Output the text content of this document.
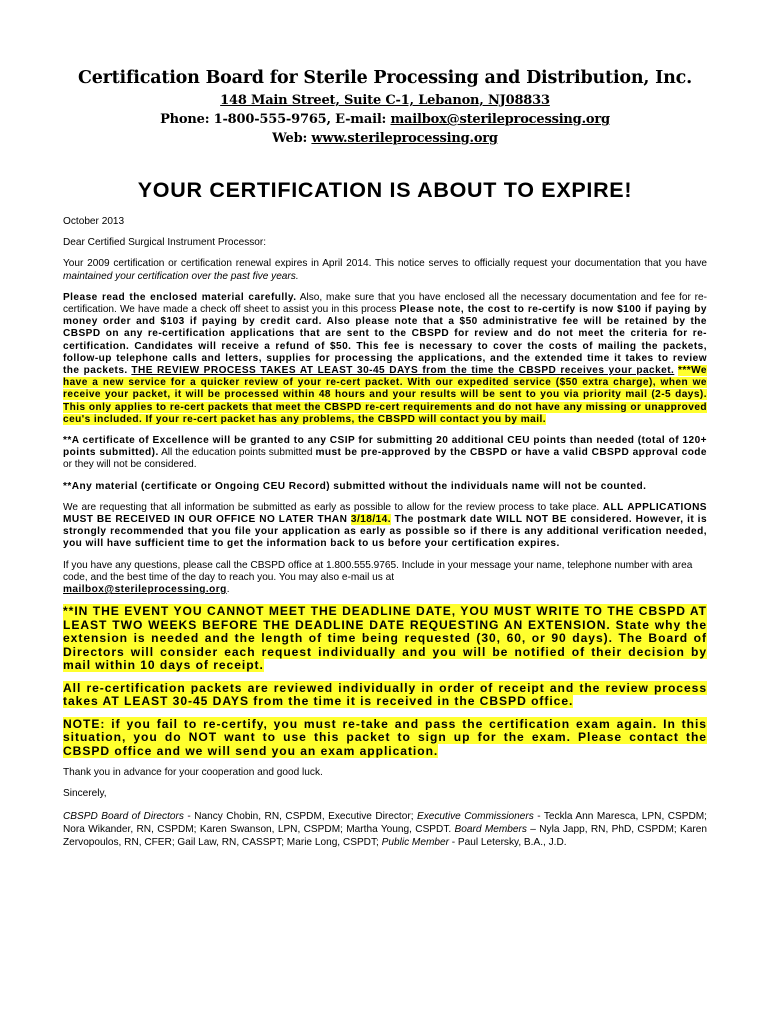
Certification Board for Sterile Processing and Distribution, Inc.
148 Main Street, Suite C-1, Lebanon, NJ08833
Phone: 1-800-555-9765, E-mail: mailbox@sterileprocessing.org
Web: www.sterileprocessing.org
YOUR CERTIFICATION IS ABOUT TO EXPIRE!

October 2013

Dear Certified Surgical Instrument Processor:

Your 2009 certification or certification renewal expires in April 2014. This notice serves to officially request your documentation that you have maintained your certification over the past five years.

Please read the enclosed material carefully. Also, make sure that you have enclosed all the necessary documentation and fee for re-certification. We have made a check off sheet to assist you in this process Please note, the cost to re-certify is now $100 if paying by money order and $103 if paying by credit card. Also please note that a $50 administrative fee will be retained by the CBSPD on any re-certification applications that are sent to the CBSPD for review and do not meet the criteria for re-certification. Candidates will receive a refund of $50. This fee is necessary to cover the costs of mailing the packets, follow-up telephone calls and letters, supplies for processing the applications, and the extended time it takes to review the packets. THE REVIEW PROCESS TAKES AT LEAST 30-45 DAYS from the time the CBSPD receives your packet. ***We have a new service for a quicker review of your re-cert packet. With our expedited service ($50 extra charge), when we receive your packet, it will be processed within 48 hours and your results will be sent to you via priority mail (2-5 days). This only applies to re-cert packets that meet the CBSPD re-cert requirements and do not have any missing or unapproved ceu's included. If your re-cert packet has any problems, the CBSPD will contact you by mail.

**A certificate of Excellence will be granted to any CSIP for submitting 20 additional CEU points than needed (total of 120+ points submitted). All the education points submitted must be pre-approved by the CBSPD or have a valid CBSPD approval code or they will not be considered.

**Any material (certificate or Ongoing CEU Record) submitted without the individuals name will not be counted.

We are requesting that all information be submitted as early as possible to allow for the review process to take place. ALL APPLICATIONS MUST BE RECEIVED IN OUR OFFICE NO LATER THAN 3/18/14. The postmark date WILL NOT BE considered. However, it is strongly recommended that you file your application as early as possible so if there is any additional verification needed, you will have sufficient time to get the information back to us before your certification expires.

If you have any questions, please call the CBSPD office at 1.800.555.9765. Include in your message your name, telephone number with area code, and the best time of the day to reach you. You may also e-mail us at
mailbox@sterileprocessing.org.

**IN THE EVENT YOU CANNOT MEET THE DEADLINE DATE, YOU MUST WRITE TO THE CBSPD AT LEAST TWO WEEKS BEFORE THE DEADLINE DATE REQUESTING AN EXTENSION. State why the extension is needed and the length of time being requested (30, 60, or 90 days). The Board of Directors will consider each request individually and you will be notified of their decision by mail within 10 days of receipt.

All re-certification packets are reviewed individually in order of receipt and the review process takes AT LEAST 30-45 DAYS from the time it is received in the CBSPD office.

NOTE: if you fail to re-certify, you must re-take and pass the certification exam again. In this situation, you do NOT want to use this packet to sign up for the exam. Please contact the CBSPD office and we will send you an exam application.

Thank you in advance for your cooperation and good luck.

Sincerely,

CBSPD Board of Directors - Nancy Chobin, RN, CSPDM, Executive Director; Executive Commissioners - Teckla Ann Maresca, LPN, CSPDM; Nora Wikander, RN, CSPDM; Karen Swanson, LPN, CSPDM; Martha Young, CSPDT. Board Members – Nyla Japp, RN, PhD, CSPDM; Karen Zervopoulos, RN, CFER; Gail Law, RN, CASSPT; Marie Long, CSPDT; Public Member - Paul Letersky, B.A., J.D.
